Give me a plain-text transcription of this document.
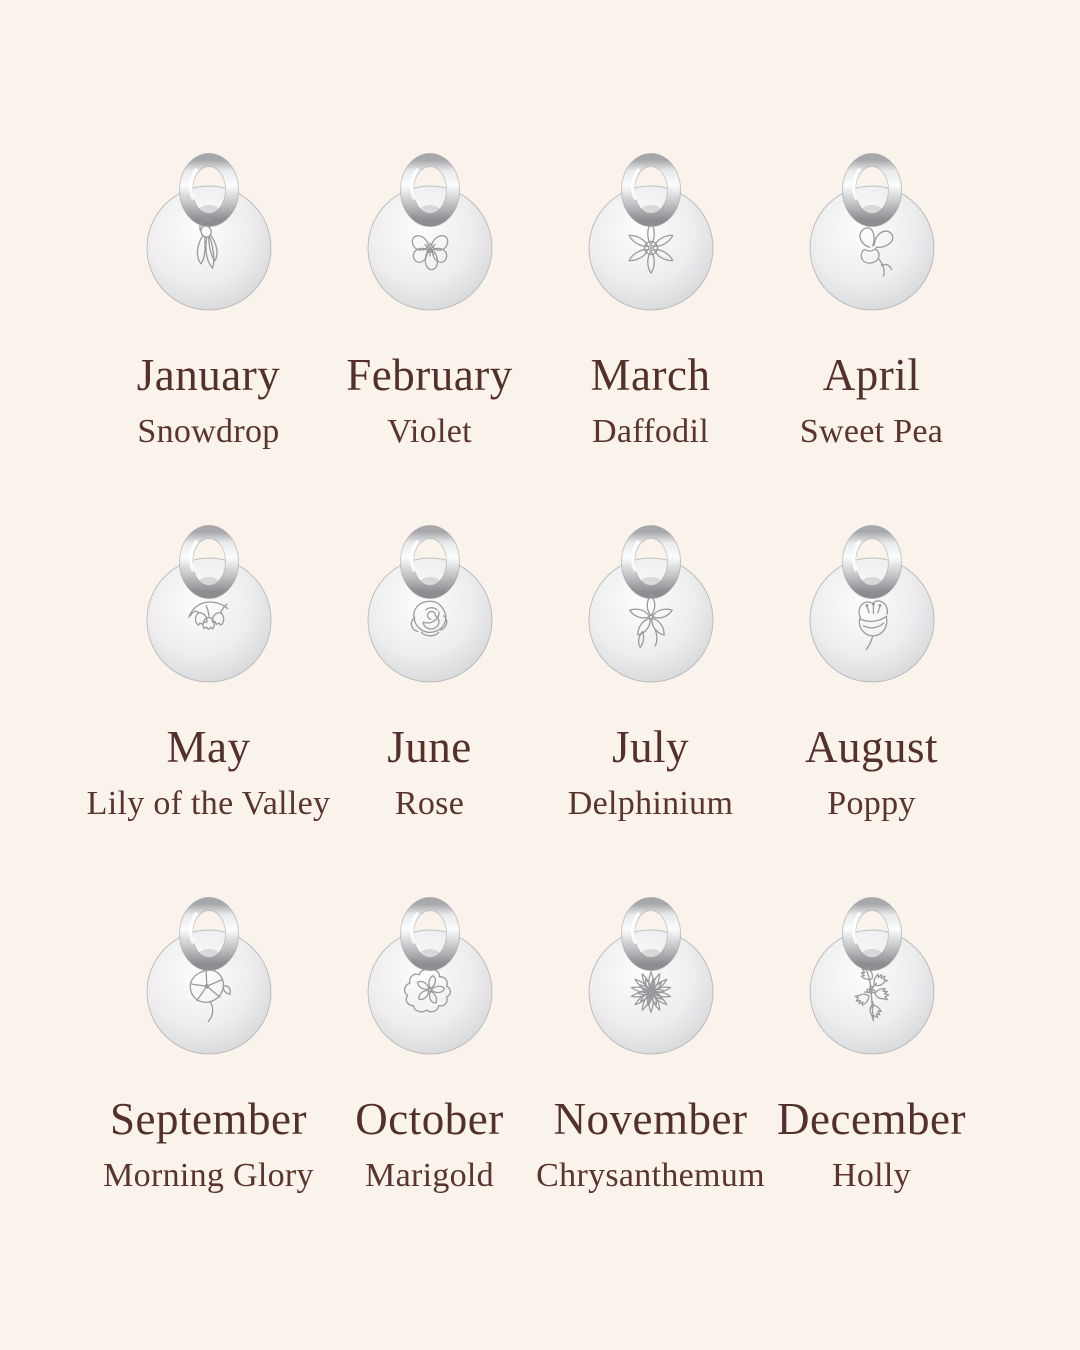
January
Snowdrop
February
Violet
March
Daffodil
April
Sweet Pea
May
Lily of the Valley
June
Rose
July
Delphinium
August
Poppy
September
Morning Glory
October
Marigold
November
Chrysanthemum
December
Holly
